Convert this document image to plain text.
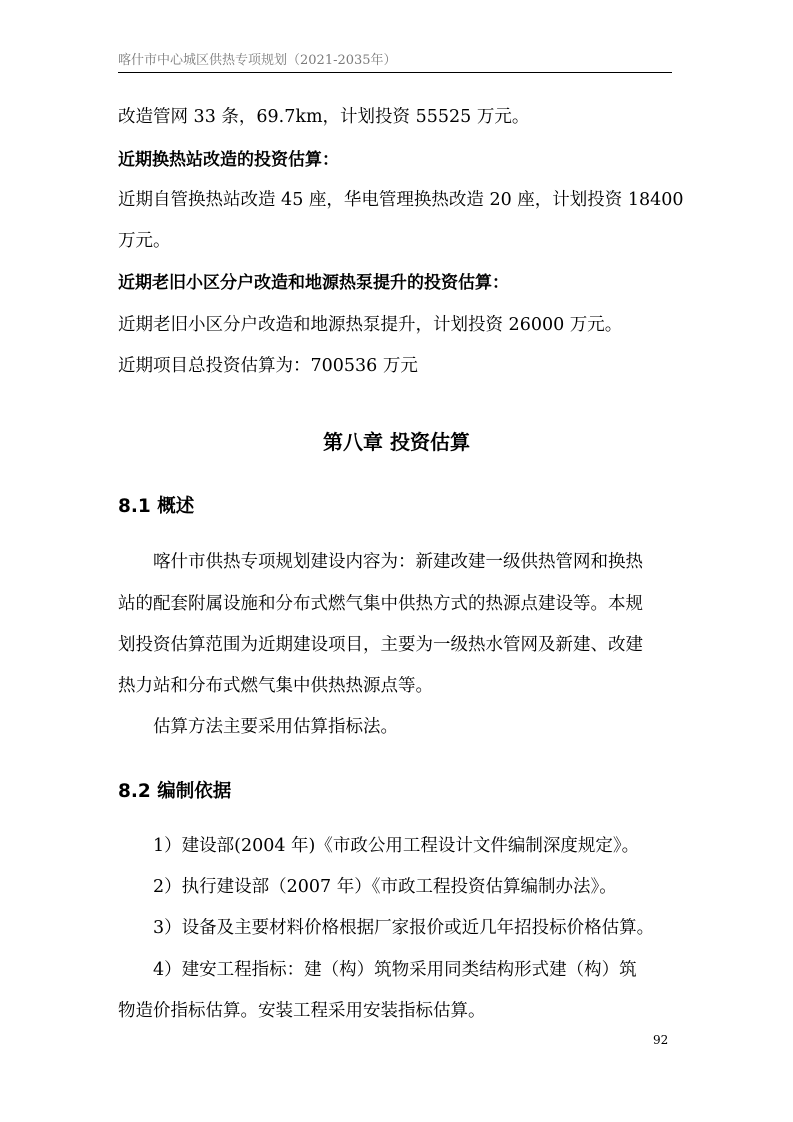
喀什市中心城区供热专项规划（2021-2035年）
改造管网 33 条，69.7km，计划投资 55525 万元。
近期换热站改造的投资估算：
近期自管换热站改造 45 座，华电管理换热改造 20 座，计划投资 18400
万元。
近期老旧小区分户改造和地源热泵提升的投资估算：
近期老旧小区分户改造和地源热泵提升，计划投资 26000 万元。
近期项目总投资估算为：700536 万元
第八章 投资估算
8.1 概述
喀什市供热专项规划建设内容为：新建改建一级供热管网和换热
站的配套附属设施和分布式燃气集中供热方式的热源点建设等。本规
划投资估算范围为近期建设项目，主要为一级热水管网及新建、改建
热力站和分布式燃气集中供热热源点等。
估算方法主要采用估算指标法。
8.2 编制依据
1）建设部(2004 年)《市政公用工程设计文件编制深度规定》。
2）执行建设部（2007 年）《市政工程投资估算编制办法》。
3）设备及主要材料价格根据厂家报价或近几年招投标价格估算。
4）建安工程指标：建（构）筑物采用同类结构形式建（构）筑
物造价指标估算。安装工程采用安装指标估算。
92
